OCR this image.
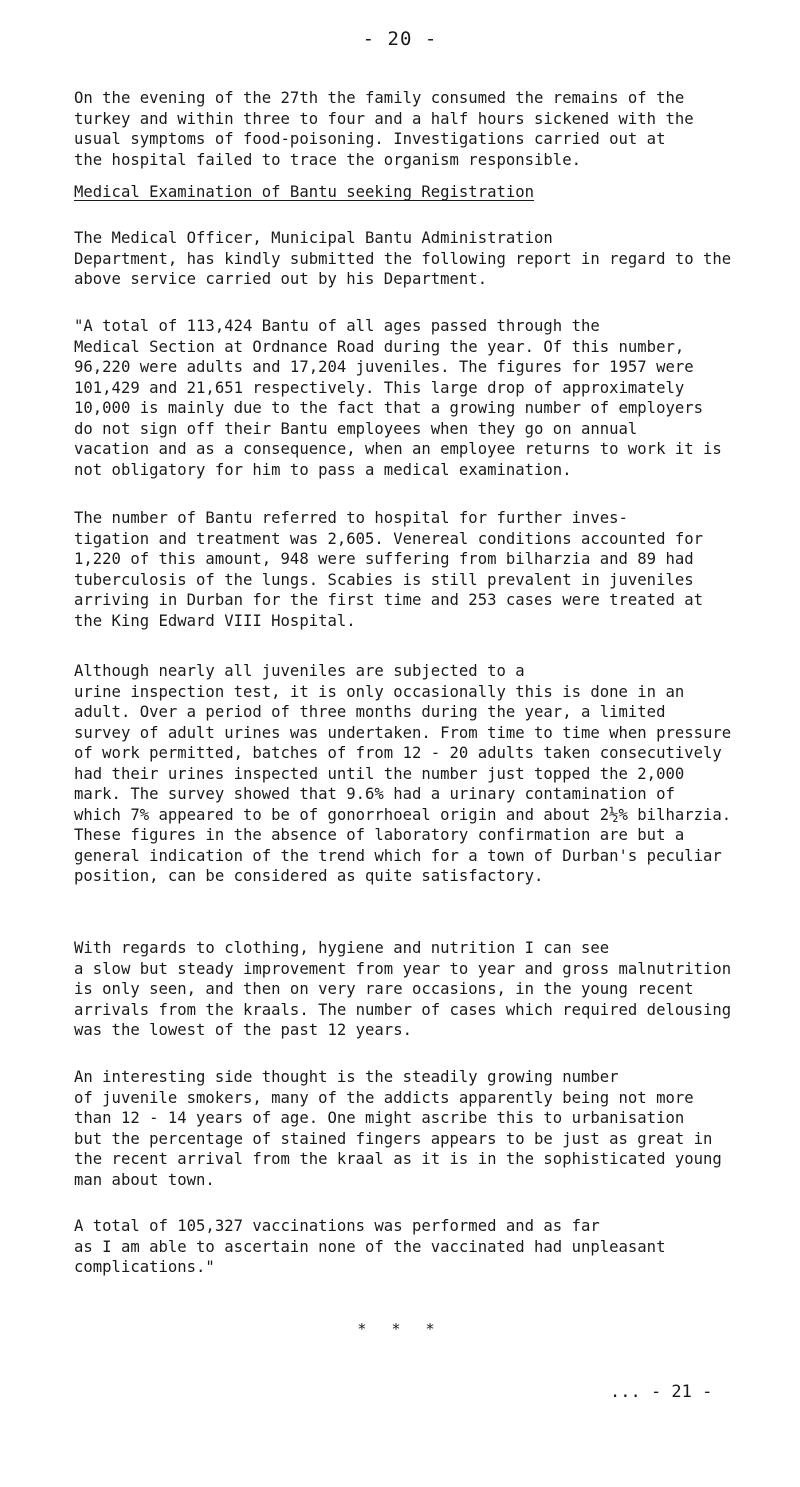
- 20 -

On the evening of the 27th the family consumed the remains of the
turkey and within three to four and a half hours sickened with the
usual symptoms of food-poisoning. Investigations carried out at
the hospital failed to trace the organism responsible.

Medical Examination of Bantu seeking Registration

The Medical Officer, Municipal Bantu Administration
Department, has kindly submitted the following report in regard to the
above service carried out by his Department.

"A total of 113,424 Bantu of all ages passed through the
Medical Section at Ordnance Road during the year. Of this number,
96,220 were adults and 17,204 juveniles. The figures for 1957 were
101,429 and 21,651 respectively. This large drop of approximately
10,000 is mainly due to the fact that a growing number of employers
do not sign off their Bantu employees when they go on annual
vacation and as a consequence, when an employee returns to work it is
not obligatory for him to pass a medical examination.

The number of Bantu referred to hospital for further inves-
tigation and treatment was 2,605. Venereal conditions accounted for
1,220 of this amount, 948 were suffering from bilharzia and 89 had
tuberculosis of the lungs. Scabies is still prevalent in juveniles
arriving in Durban for the first time and 253 cases were treated at
the King Edward VIII Hospital.

Although nearly all juveniles are subjected to a
urine inspection test, it is only occasionally this is done in an
adult. Over a period of three months during the year, a limited
survey of adult urines was undertaken. From time to time when pressure
of work permitted, batches of from 12 - 20 adults taken consecutively
had their urines inspected until the number just topped the 2,000
mark. The survey showed that 9.6% had a urinary contamination of
which 7% appeared to be of gonorrhoeal origin and about 2½% bilharzia.
These figures in the absence of laboratory confirmation are but a
general indication of the trend which for a town of Durban's peculiar
position, can be considered as quite satisfactory.

With regards to clothing, hygiene and nutrition I can see
a slow but steady improvement from year to year and gross malnutrition
is only seen, and then on very rare occasions, in the young recent
arrivals from the kraals. The number of cases which required delousing
was the lowest of the past 12 years.

An interesting side thought is the steadily growing number
of juvenile smokers, many of the addicts apparently being not more
than 12 - 14 years of age. One might ascribe this to urbanisation
but the percentage of stained fingers appears to be just as great in
the recent arrival from the kraal as it is in the sophisticated young
man about town.

A total of 105,327 vaccinations was performed and as far
as I am able to ascertain none of the vaccinated had unpleasant
complications."

* * *
... - 21 -
